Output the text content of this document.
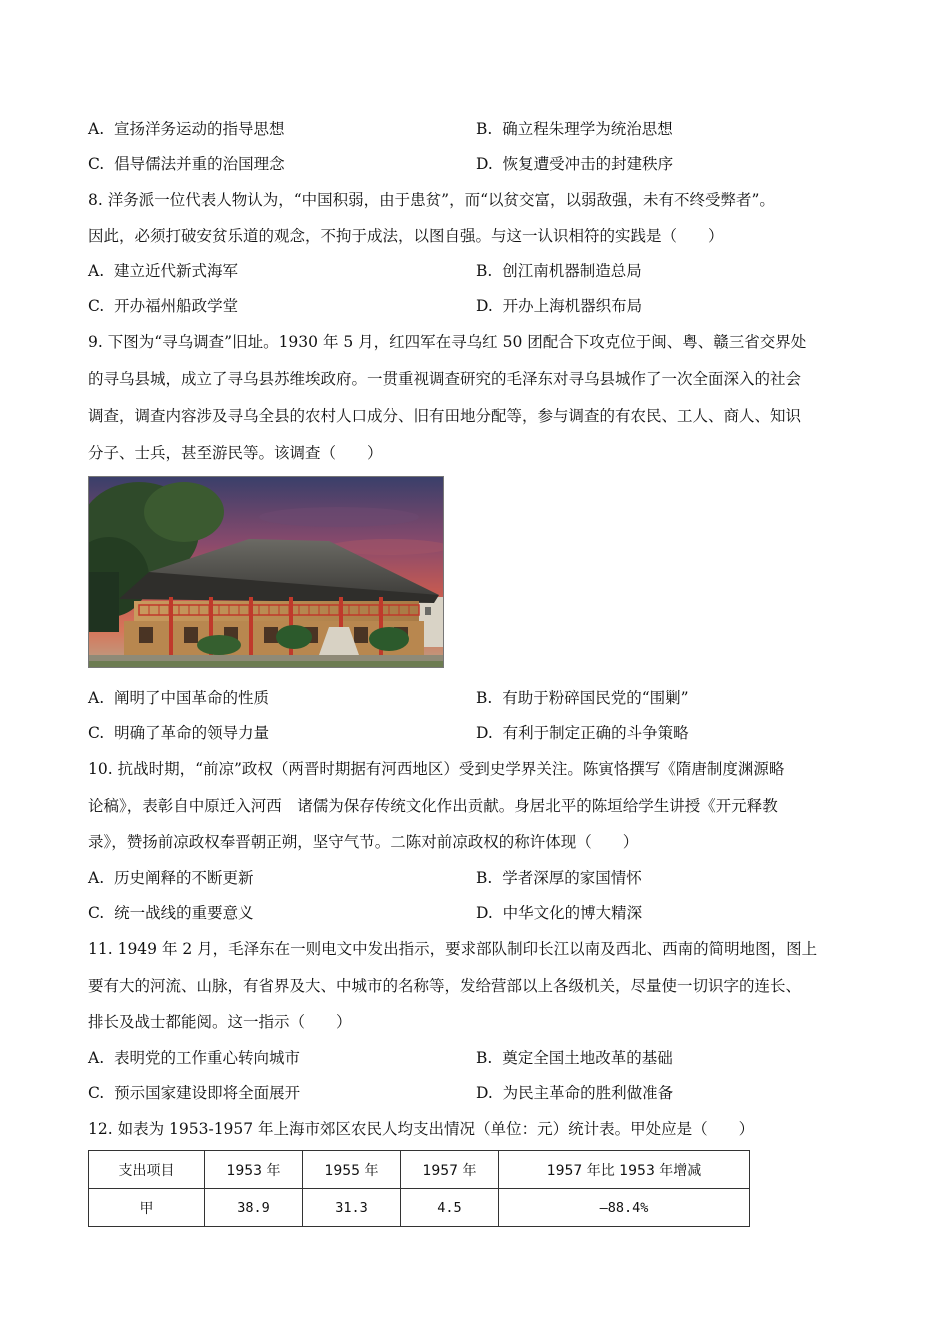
A. 宣扬洋务运动的指导思想	B. 确立程朱理学为统治思想
C. 倡导儒法并重的治国理念	D. 恢复遭受冲击的封建秩序
8. 洋务派一位代表人物认为，“中国积弱，由于患贫”，而“以贫交富，以弱敌强，未有不终受弊者”。
因此，必须打破安贫乐道的观念，不拘于成法，以图自强。与这一认识相符的实践是（　　）
A. 建立近代新式海军	B. 创江南机器制造总局
C. 开办福州船政学堂	D. 开办上海机器织布局
9. 下图为“寻乌调查”旧址。1930 年 5 月，红四军在寻乌红 50 团配合下攻克位于闽、粤、赣三省交界处
的寻乌县城，成立了寻乌县苏维埃政府。一贯重视调查研究的毛泽东对寻乌县城作了一次全面深入的社会
调查，调查内容涉及寻乌全县的农村人口成分、旧有田地分配等，参与调查的有农民、工人、商人、知识
分子、士兵，甚至游民等。该调查（　　）
A. 阐明了中国革命的性质	B. 有助于粉碎国民党的“围剿”
C. 明确了革命的领导力量	D. 有利于制定正确的斗争策略
10. 抗战时期，“前凉”政权（两晋时期据有河西地区）受到史学界关注。陈寅恪撰写《隋唐制度渊源略
论稿》，表彰自中原迁入河西　诸儒为保存传统文化作出贡献。身居北平的陈垣给学生讲授《开元释教
录》，赞扬前凉政权奉晋朝正朔，坚守气节。二陈对前凉政权的称许体现（　　）
A. 历史阐释的不断更新	B. 学者深厚的家国情怀
C. 统一战线的重要意义	D. 中华文化的博大精深
11. 1949 年 2 月，毛泽东在一则电文中发出指示，要求部队制印长江以南及西北、西南的简明地图，图上
要有大的河流、山脉，有省界及大、中城市的名称等，发给营部以上各级机关，尽量使一切识字的连长、
排长及战士都能阅。这一指示（　　）
A. 表明党的工作重心转向城市	B. 奠定全国土地改革的基础
C. 预示国家建设即将全面展开	D. 为民主革命的胜利做准备
12. 如表为 1953-1957 年上海市郊区农民人均支出情况（单位：元）统计表。甲处应是（　　）
支出项目	1953 年	1955 年	1957 年	1957 年比 1953 年增减
甲	38.9	31.3	4.5	—88.4%
